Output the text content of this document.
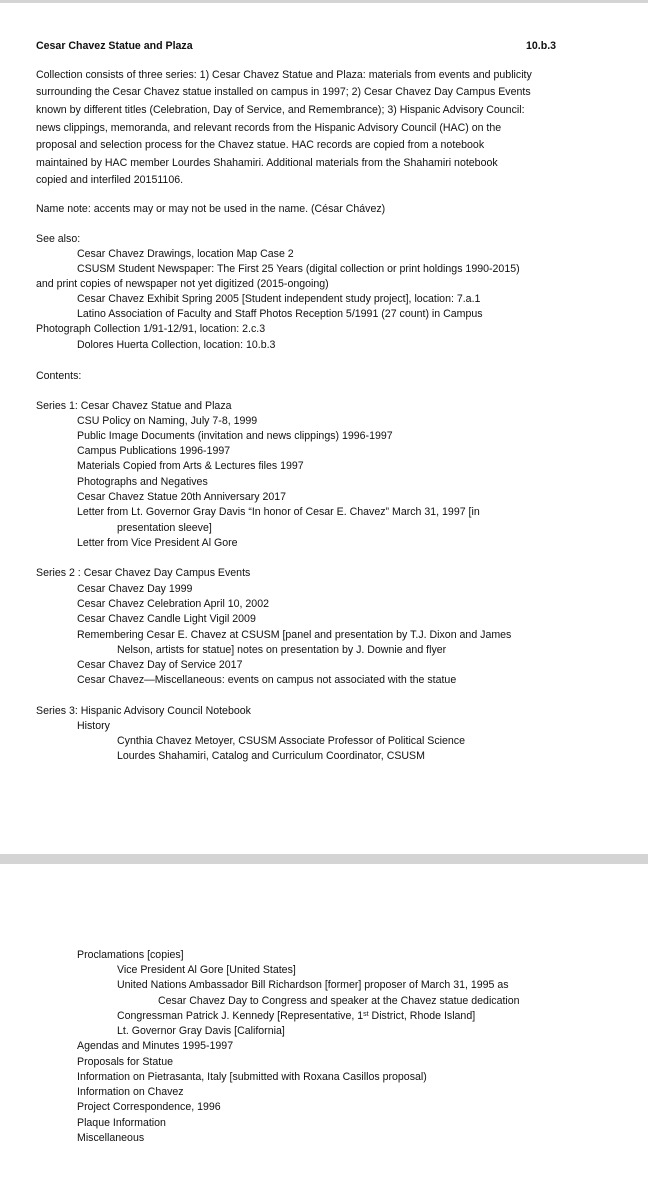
Cesar Chavez Statue and Plaza	10.b.3
Collection consists of three series: 1) Cesar Chavez Statue and Plaza: materials from events and publicity
surrounding the Cesar Chavez statue installed on campus in 1997; 2) Cesar Chavez Day Campus Events
known by different titles (Celebration, Day of Service, and Remembrance); 3) Hispanic Advisory Council:
news clippings, memoranda, and relevant records from the Hispanic Advisory Council (HAC) on the
proposal and selection process for the Chavez statue. HAC records are copied from a notebook
maintained by HAC member Lourdes Shahamiri. Additional materials from the Shahamiri notebook
copied and interfiled 20151106.
Name note: accents may or may not be used in the name. (César Chávez)
See also:
Cesar Chavez Drawings, location Map Case 2
CSUSM Student Newspaper: The First 25 Years (digital collection or print holdings 1990-2015)
and print copies of newspaper not yet digitized (2015-ongoing)
Cesar Chavez Exhibit Spring 2005 [Student independent study project], location: 7.a.1
Latino Association of Faculty and Staff Photos Reception 5/1991 (27 count) in Campus
Photograph Collection 1/91-12/91, location: 2.c.3
Dolores Huerta Collection, location: 10.b.3
Contents:
Series 1: Cesar Chavez Statue and Plaza
CSU Policy on Naming, July 7-8, 1999
Public Image Documents (invitation and news clippings) 1996-1997
Campus Publications 1996-1997
Materials Copied from Arts & Lectures files 1997
Photographs and Negatives
Cesar Chavez Statue 20th Anniversary 2017
Letter from Lt. Governor Gray Davis “In honor of Cesar E. Chavez” March 31, 1997 [in
presentation sleeve]
Letter from Vice President Al Gore
Series 2 : Cesar Chavez Day Campus Events
Cesar Chavez Day 1999
Cesar Chavez Celebration April 10, 2002
Cesar Chavez Candle Light Vigil 2009
Remembering Cesar E. Chavez at CSUSM [panel and presentation by T.J. Dixon and James
Nelson, artists for statue] notes on presentation by J. Downie and flyer
Cesar Chavez Day of Service 2017
Cesar Chavez—Miscellaneous: events on campus not associated with the statue
Series 3: Hispanic Advisory Council Notebook
History
Cynthia Chavez Metoyer, CSUSM Associate Professor of Political Science
Lourdes Shahamiri, Catalog and Curriculum Coordinator, CSUSM
Proclamations [copies]
Vice President Al Gore [United States]
United Nations Ambassador Bill Richardson [former] proposer of March 31, 1995 as
Cesar Chavez Day to Congress and speaker at the Chavez statue dedication
Congressman Patrick J. Kennedy [Representative, 1st District, Rhode Island]
Lt. Governor Gray Davis [California]
Agendas and Minutes 1995-1997
Proposals for Statue
Information on Pietrasanta, Italy [submitted with Roxana Casillos proposal)
Information on Chavez
Project Correspondence, 1996
Plaque Information
Miscellaneous
